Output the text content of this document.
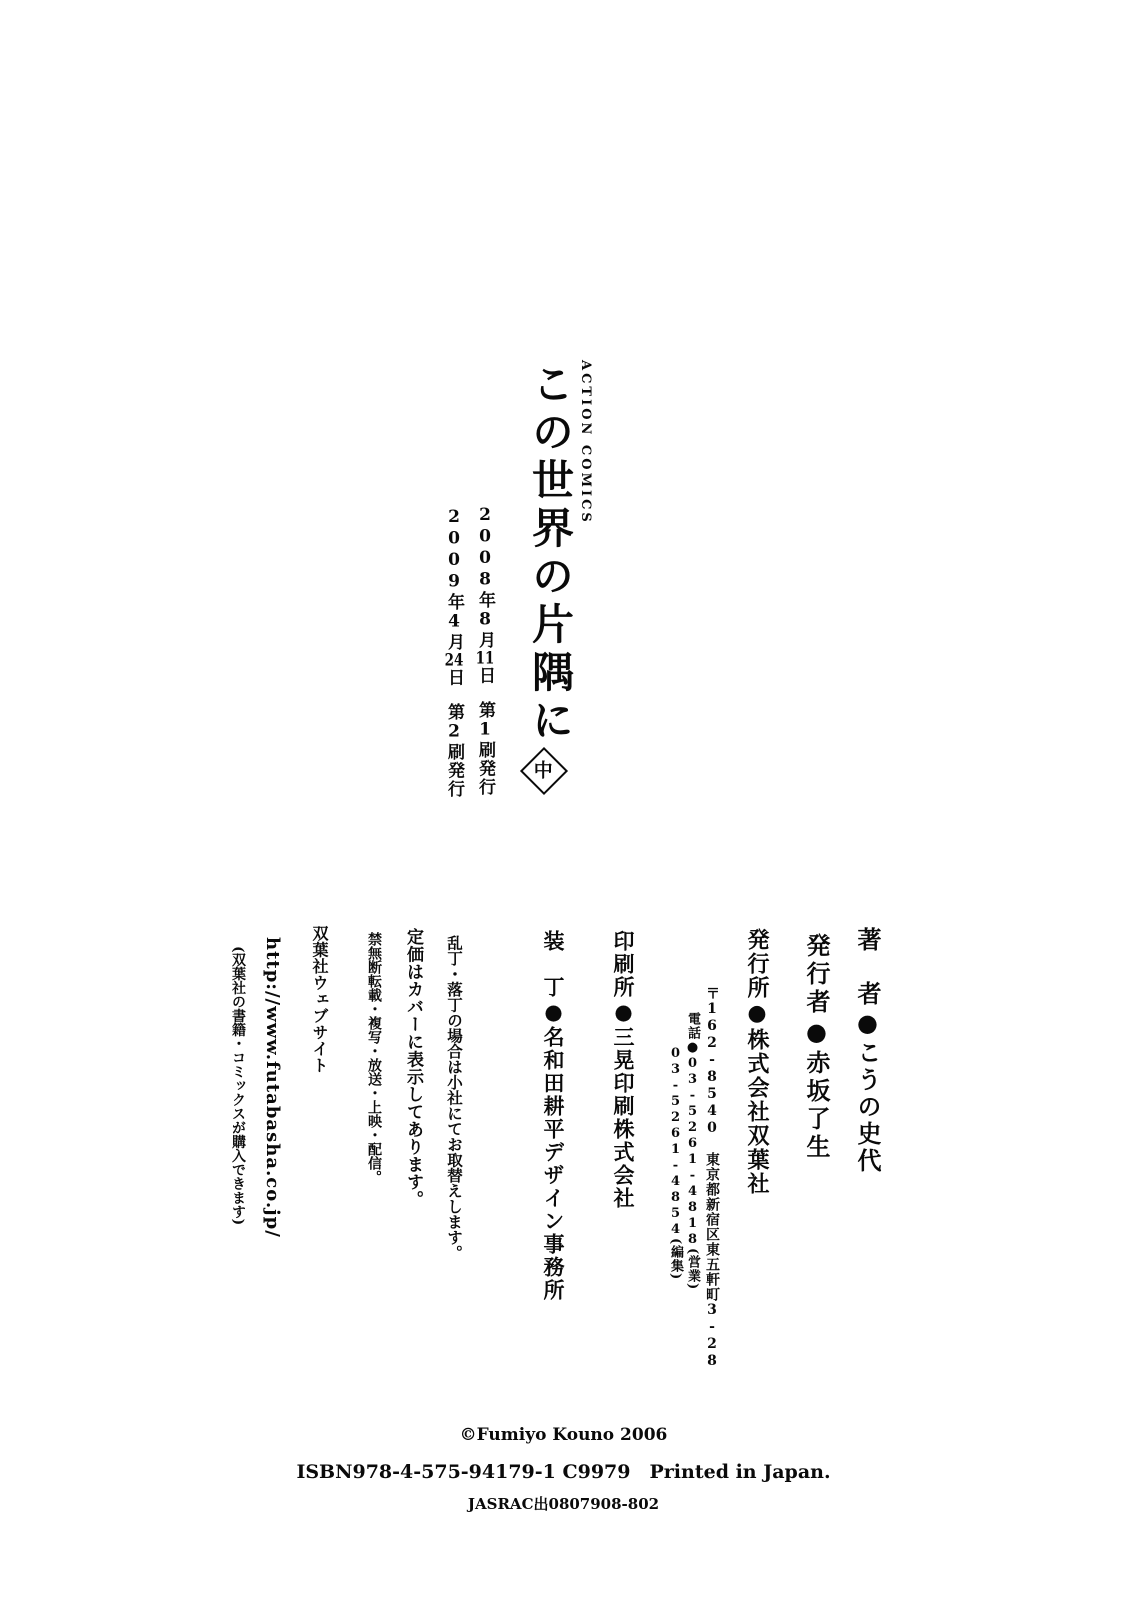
ACTION COMICS
この世界の片隅に
2008年8月11日第1刷発行
2009年4月24日第2刷発行	中
著　者●こうの史代
発行者●赤坂了生
発行所●株式会社双葉社
〒162-8540　東京都新宿区東五軒町3-28
電話●03-5261-4818(営業)
03-5261-4854(編集)
印刷所●三晃印刷株式会社
装　丁●名和田耕平デザイン事務所
乱丁・落丁の場合は小社にてお取替えします。
定価はカバーに表示してあります。
禁無断転載・複写・放送・上映・配信。
双葉社ウェブサイト
http://www.futabasha.co.jp/
(双葉社の書籍・コミックスが購入できます)

©Fumiyo Kouno 2006

ISBN978-4-575-94179-1 C9979　Printed in Japan.

JASRAC出0807908-802
